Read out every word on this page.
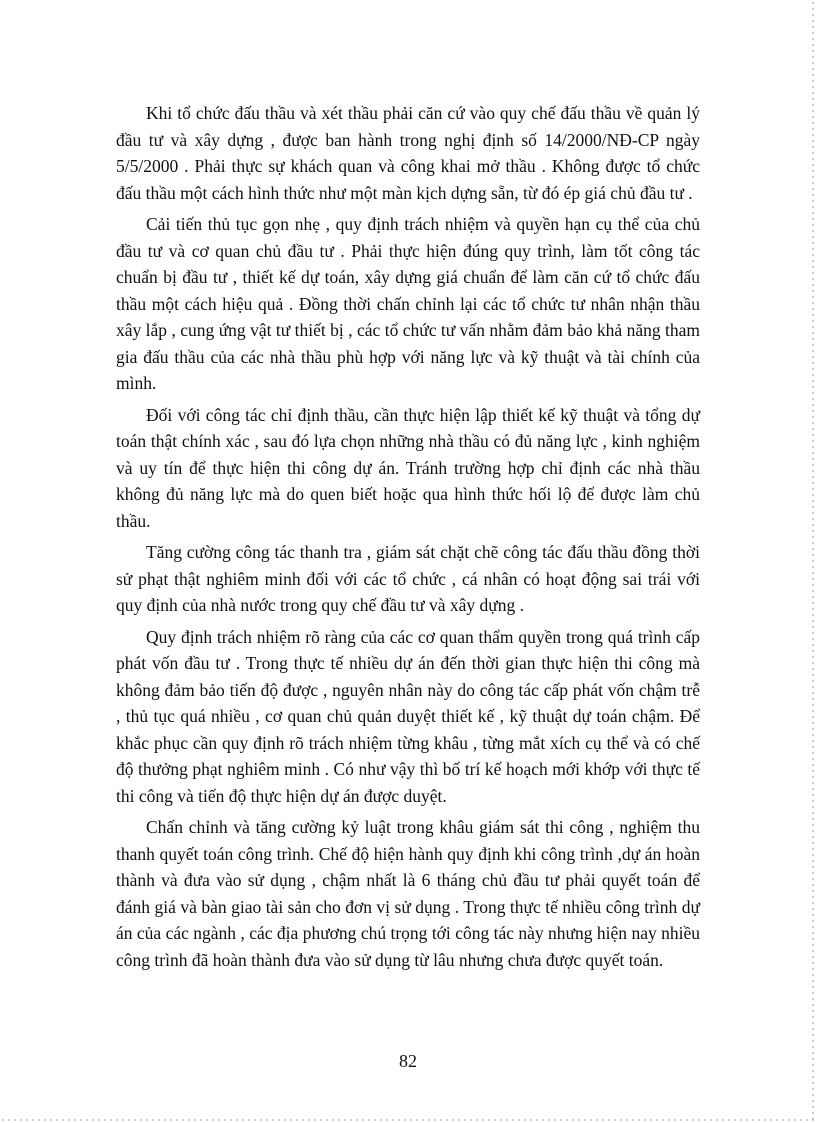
Khi tổ chức đấu thầu và xét thầu phải căn cứ vào quy chế đấu thầu về quản lý đầu tư và xây dựng , được ban hành trong nghị định số 14/2000/NĐ-CP ngày 5/5/2000 . Phải thực sự khách quan và công khai mở thầu . Không được tổ chức đấu thầu một cách hình thức như một màn kịch dựng sẵn, từ đó ép giá chủ đầu tư .

Cải tiến thủ tục gọn nhẹ , quy định trách nhiệm và quyền hạn cụ thể của chủ đầu tư và cơ quan chủ đầu tư . Phải thực hiện đúng quy trình, làm tốt công tác chuẩn bị đầu tư , thiết kế dự toán, xây dựng giá chuẩn để làm căn cứ tổ chức đấu thầu một cách hiệu quả . Đồng thời chấn chỉnh lại các tổ chức tư nhân nhận thầu xây lắp , cung ứng vật tư thiết bị , các tổ chức tư vấn nhằm đảm bảo khả năng tham gia đấu thầu của các nhà thầu phù hợp với năng lực và kỹ thuật và tài chính của mình.

Đối với công tác chỉ định thầu, cần thực hiện lập thiết kế kỹ thuật và tổng dự toán thật chính xác , sau đó lựa chọn những nhà thầu có đủ năng lực , kinh nghiệm và uy tín để thực hiện thi công dự án. Tránh trường hợp chỉ định các nhà thầu không đủ năng lực mà do quen biết hoặc qua hình thức hối lộ để được làm chủ thầu.

Tăng cường công tác thanh tra , giám sát chặt chẽ công tác đấu thầu đồng thời sử phạt thật nghiêm minh đối với các tổ chức , cá nhân có hoạt động sai trái với quy định của nhà nước trong quy chế đầu tư và xây dựng .

Quy định trách nhiệm rõ ràng của các cơ quan thẩm quyền trong quá trình cấp phát vốn đầu tư . Trong thực tế nhiều dự án đến thời gian thực hiện thi công mà không đảm bảo tiến độ được , nguyên nhân này do công tác cấp phát vốn chậm trễ , thủ tục quá nhiều , cơ quan chủ quản duyệt thiết kế , kỹ thuật dự toán chậm. Để khắc phục cần quy định rõ trách nhiệm từng khâu , từng mắt xích cụ thể và có chế độ thưởng phạt nghiêm minh . Có như vậy thì bố trí kế hoạch mới khớp với thực tế thi công và tiến độ thực hiện dự án được duyệt.

Chấn chỉnh và tăng cường kỷ luật trong khâu giám sát thi công , nghiệm thu thanh quyết toán công trình. Chế độ hiện hành quy định khi công trình ,dự án hoàn thành và đưa vào sử dụng , chậm nhất là 6 tháng chủ đầu tư phải quyết toán để đánh giá và bàn giao tài sản cho đơn vị sử dụng . Trong thực tế nhiều công trình dự án của các ngành , các địa phương chú trọng tới công tác này nhưng hiện nay nhiều công trình đã hoàn thành đưa vào sử dụng từ lâu nhưng chưa được quyết toán.

82
